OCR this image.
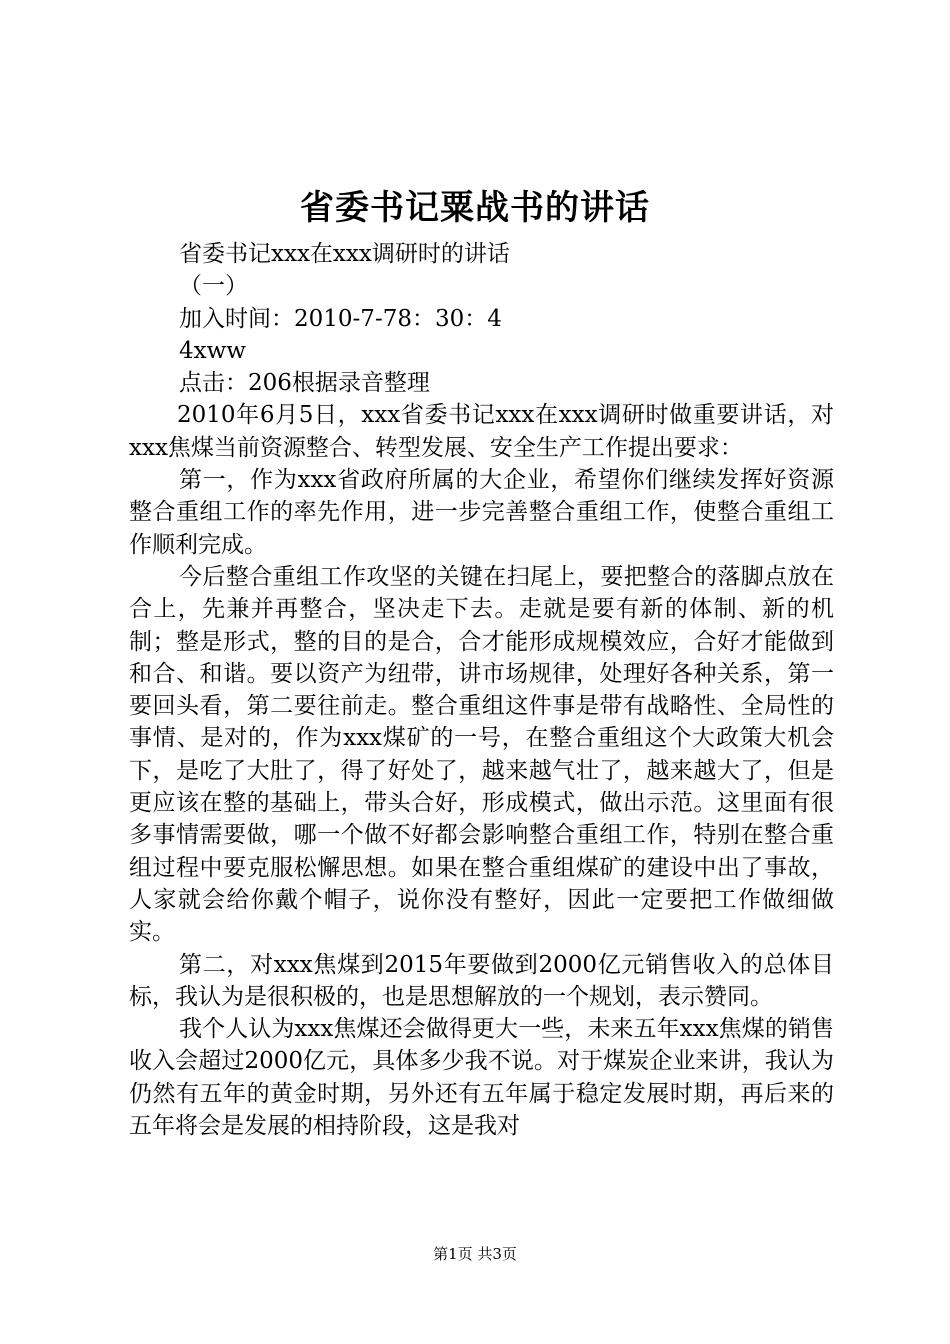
省委书记粟战书的讲话

省委书记xxx在xxx调研时的讲话

（一）

加入时间：2010-7-78：30：4

4xww

点击：206根据录音整理

2010年6月5日，xxx省委书记xxx在xxx调研时做重要讲话，对xxx焦煤当前资源整合、转型发展、安全生产工作提出要求：

第一，作为xxx省政府所属的大企业，希望你们继续发挥好资源整合重组工作的率先作用，进一步完善整合重组工作，使整合重组工作顺利完成。

今后整合重组工作攻坚的关键在扫尾上，要把整合的落脚点放在合上，先兼并再整合，坚决走下去。走就是要有新的体制、新的机制；整是形式，整的目的是合，合才能形成规模效应，合好才能做到和合、和谐。要以资产为纽带，讲市场规律，处理好各种关系，第一要回头看，第二要往前走。整合重组这件事是带有战略性、全局性的事情、是对的，作为xxx煤矿的一号，在整合重组这个大政策大机会下，是吃了大肚了，得了好处了，越来越气壮了，越来越大了，但是更应该在整的基础上，带头合好，形成模式，做出示范。这里面有很多事情需要做，哪一个做不好都会影响整合重组工作，特别在整合重组过程中要克服松懈思想。如果在整合重组煤矿的建设中出了事故，人家就会给你戴个帽子，说你没有整好，因此一定要把工作做细做实。

第二，对xxx焦煤到2015年要做到2000亿元销售收入的总体目标，我认为是很积极的，也是思想解放的一个规划，表示赞同。

我个人认为xxx焦煤还会做得更大一些，未来五年xxx焦煤的销售收入会超过2000亿元，具体多少我不说。对于煤炭企业来讲，我认为仍然有五年的黄金时期，另外还有五年属于稳定发展时期，再后来的五年将会是发展的相持阶段，这是我对

第1页 共3页
